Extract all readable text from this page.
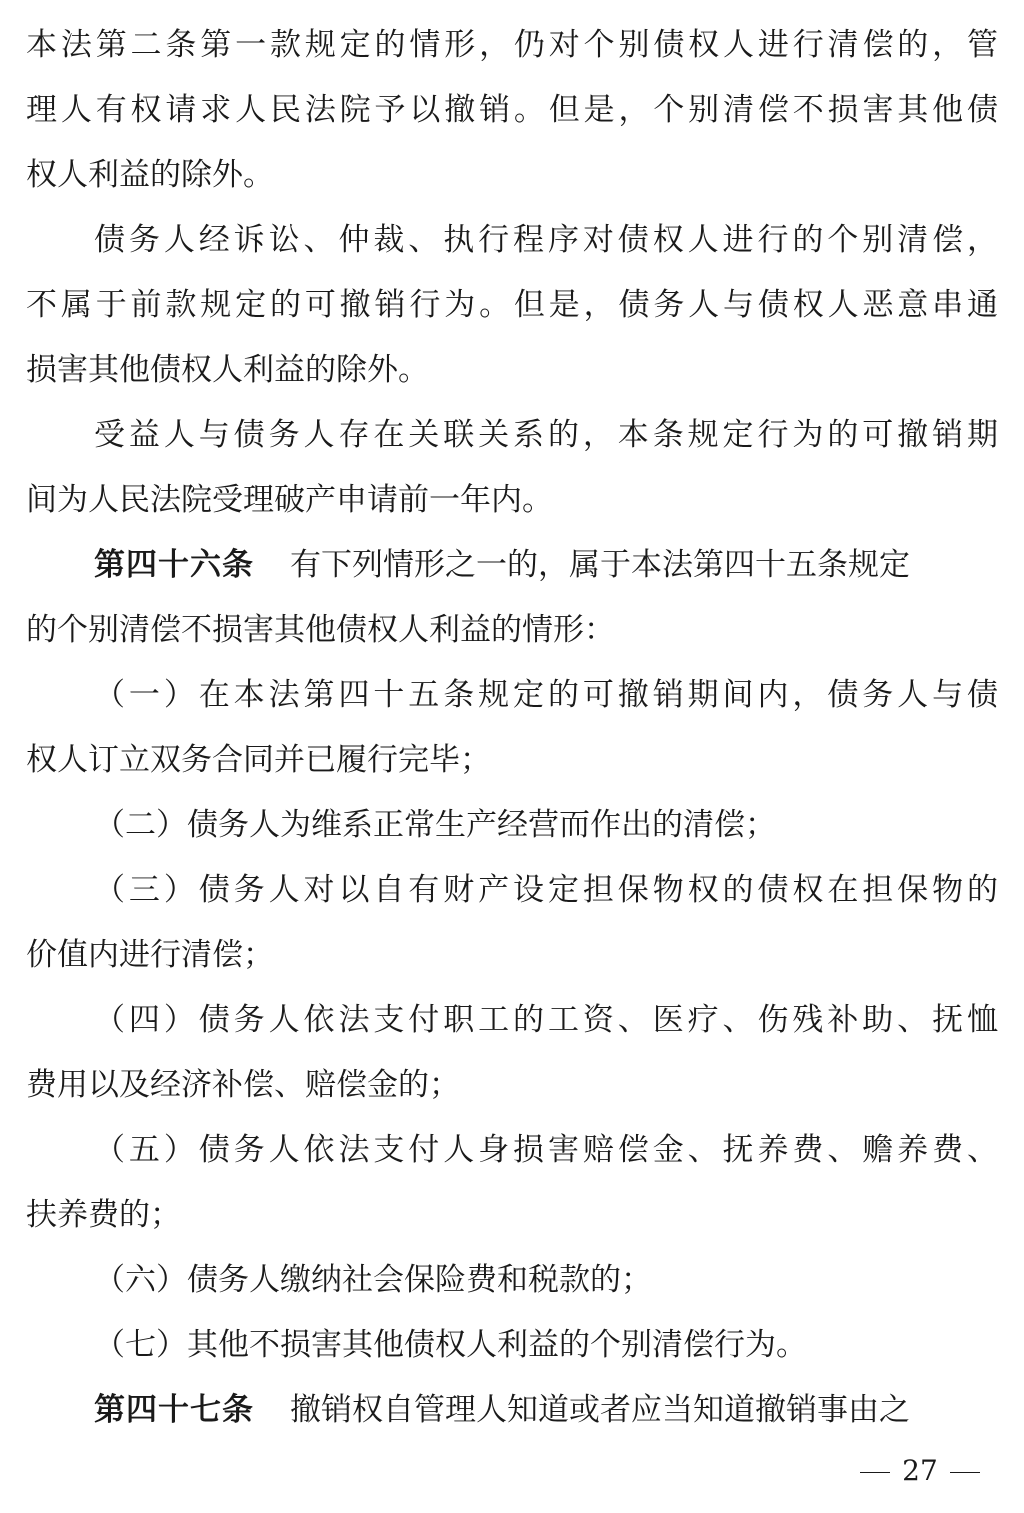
本法第二条第一款规定的情形，仍对个别债权人进行清偿的，管
理人有权请求人民法院予以撤销。但是，个别清偿不损害其他债
权人利益的除外。
债务人经诉讼、仲裁、执行程序对债权人进行的个别清偿，
不属于前款规定的可撤销行为。但是，债务人与债权人恶意串通
损害其他债权人利益的除外。
受益人与债务人存在关联关系的，本条规定行为的可撤销期
间为人民法院受理破产申请前一年内。
第四十六条 有下列情形之一的，属于本法第四十五条规定
的个别清偿不损害其他债权人利益的情形：
（一）在本法第四十五条规定的可撤销期间内，债务人与债
权人订立双务合同并已履行完毕；
（二）债务人为维系正常生产经营而作出的清偿；
（三）债务人对以自有财产设定担保物权的债权在担保物的
价值内进行清偿；
（四）债务人依法支付职工的工资、医疗、伤残补助、抚恤
费用以及经济补偿、赔偿金的；
（五）债务人依法支付人身损害赔偿金、抚养费、赡养费、
扶养费的；
（六）债务人缴纳社会保险费和税款的；
（七）其他不损害其他债权人利益的个别清偿行为。
第四十七条 撤销权自管理人知道或者应当知道撤销事由之
27
